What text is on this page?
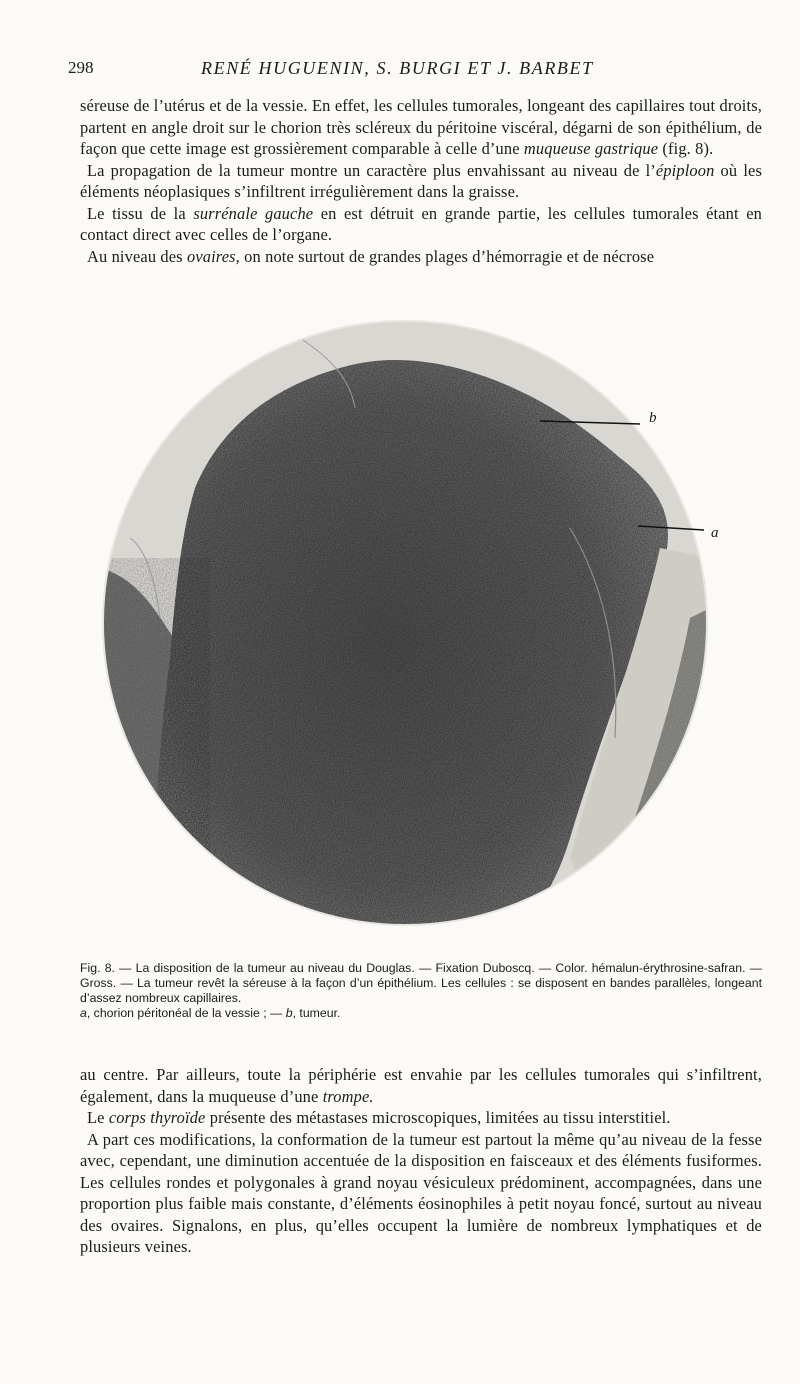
298	RENÉ HUGUENIN, S. BURGI ET J. BARBET

séreuse de l’utérus et de la vessie. En effet, les cellules tumorales, longeant des capillaires tout droits, partent en angle droit sur le chorion très scléreux du péritoine viscéral, dégarni de son épithélium, de façon que cette image est grossièrement comparable à celle d’une muqueuse gastrique (fig. 8).

La propagation de la tumeur montre un caractère plus envahissant au niveau de l’épiploon où les éléments néoplasiques s’infiltrent irrégulièrement dans la graisse.

Le tissu de la surrénale gauche en est détruit en grande partie, les cellules tumorales étant en contact direct avec celles de l’organe.

Au niveau des ovaires, on note surtout de grandes plages d’hémorragie et de nécrose

b
a

Fig. 8. — La disposition de la tumeur au niveau du Douglas. — Fixation Duboscq. — Color. hémalun-érythrosine-safran. — Gross. — La tumeur revêt la séreuse à la façon d’un épithélium. Les cellules : se disposent en bandes parallèles, longeant d’assez nombreux capillaires.

a, chorion péritonéal de la vessie ; — b, tumeur.

au centre. Par ailleurs, toute la périphérie est envahie par les cellules tumorales qui s’infiltrent, également, dans la muqueuse d’une trompe.

Le corps thyroïde présente des métastases microscopiques, limitées au tissu interstitiel.

A part ces modifications, la conformation de la tumeur est partout la même qu’au niveau de la fesse avec, cependant, une diminution accentuée de la disposition en faisceaux et des éléments fusiformes. Les cellules rondes et polygonales à grand noyau vésiculeux prédominent, accompagnées, dans une proportion plus faible mais constante, d’éléments éosinophiles à petit noyau foncé, surtout au niveau des ovaires. Signalons, en plus, qu’elles occupent la lumière de nombreux lymphatiques et de plusieurs veines.
